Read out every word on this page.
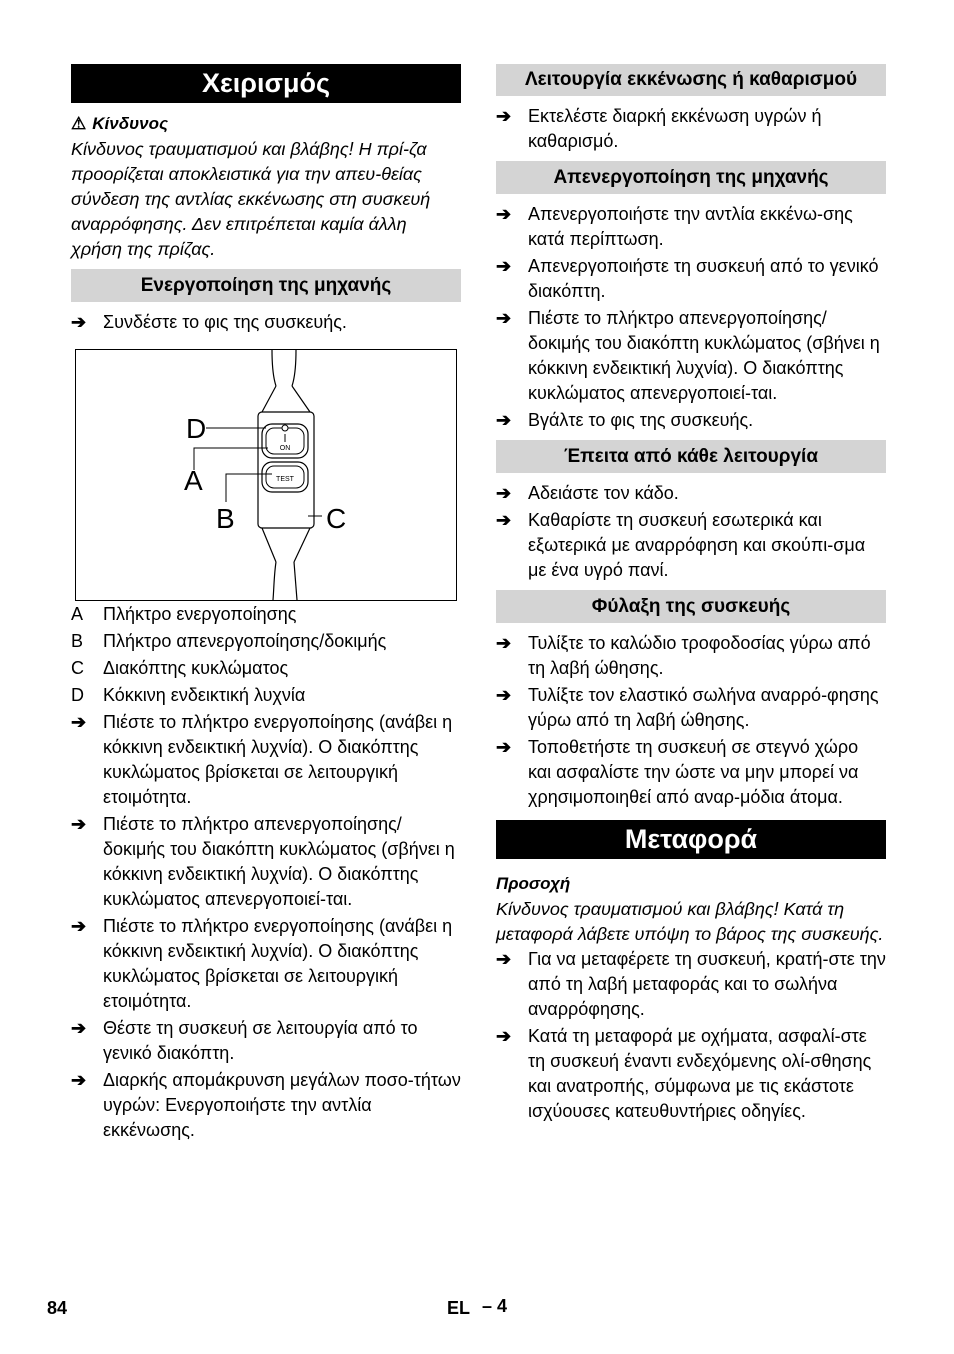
Χειρισμός
⚠ Κίνδυνος
Κίνδυνος τραυματισμού και βλάβης! Η πρί-ζα προορίζεται αποκλειστικά για την απευ-θείας σύνδεση της αντλίας εκκένωσης στη συσκευή αναρρόφησης. Δεν επιτρέπεται καμία άλλη χρήση της πρίζας.
Ενεργοποίηση της μηχανής
➔ Συνδέστε το φις της συσκευής.
ON
TEST
D
A
B	C
A	Πλήκτρο ενεργοποίησης
B	Πλήκτρο απενεργοποίησης/δοκιμής
C	Διακόπτης κυκλώματος
D	Κόκκινη ενδεικτική λυχνία
➔ Πιέστε το πλήκτρο ενεργοποίησης (ανάβει η κόκκινη ενδεικτική λυχνία). Ο διακόπτης κυκλώματος βρίσκεται σε λειτουργική ετοιμότητα.
➔ Πιέστε το πλήκτρο απενεργοποίησης/ δοκιμής του διακόπτη κυκλώματος (σβήνει η κόκκινη ενδεικτική λυχνία). Ο διακόπτης κυκλώματος απενεργοποιεί-ται.
➔ Πιέστε το πλήκτρο ενεργοποίησης (ανάβει η κόκκινη ενδεικτική λυχνία). Ο διακόπτης κυκλώματος βρίσκεται σε λειτουργική ετοιμότητα.
➔ Θέστε τη συσκευή σε λειτουργία από το γενικό διακόπτη.
➔ Διαρκής απομάκρυνση μεγάλων ποσο-τήτων υγρών: Ενεργοποιήστε την αντλία εκκένωσης.
Λειτουργία εκκένωσης ή καθαρισμού
➔ Εκτελέστε διαρκή εκκένωση υγρών ή καθαρισμό.
Απενεργοποίηση της μηχανής
➔ Απενεργοποιήστε την αντλία εκκένω-σης κατά περίπτωση.
➔ Απενεργοποιήστε τη συσκευή από το γενικό διακόπτη.
➔ Πιέστε το πλήκτρο απενεργοποίησης/ δοκιμής του διακόπτη κυκλώματος (σβήνει η κόκκινη ενδεικτική λυχνία). Ο διακόπτης κυκλώματος απενεργοποιεί-ται.
➔ Βγάλτε το φις της συσκευής.
Έπειτα από κάθε λειτουργία
➔ Αδειάστε τον κάδο.
➔ Καθαρίστε τη συσκευή εσωτερικά και εξωτερικά με αναρρόφηση και σκούπι-σμα με ένα υγρό πανί.
Φύλαξη της συσκευής
➔ Τυλίξτε το καλώδιο τροφοδοσίας γύρω από τη λαβή ώθησης.
➔ Τυλίξτε τον ελαστικό σωλήνα αναρρό-φησης γύρω από τη λαβή ώθησης.
➔ Τοποθετήστε τη συσκευή σε στεγνό χώρο και ασφαλίστε την ώστε να μην μπορεί να χρησιμοποιηθεί από αναρ-μόδια άτομα.
Μεταφορά
Προσοχή
Κίνδυνος τραυματισμού και βλάβης! Κατά τη μεταφορά λάβετε υπόψη το βάρος της συσκευής.
➔ Για να μεταφέρετε τη συσκευή, κρατή-στε την από τη λαβή μεταφοράς και το σωλήνα αναρρόφησης.
➔ Κατά τη μεταφορά με οχήματα, ασφαλί-στε τη συσκευή έναντι ενδεχόμενης ολί-σθησης και ανατροπής, σύμφωνα με τις εκάστοτε ισχύουσες κατευθυντήριες οδηγίες.
84	EL – 4
